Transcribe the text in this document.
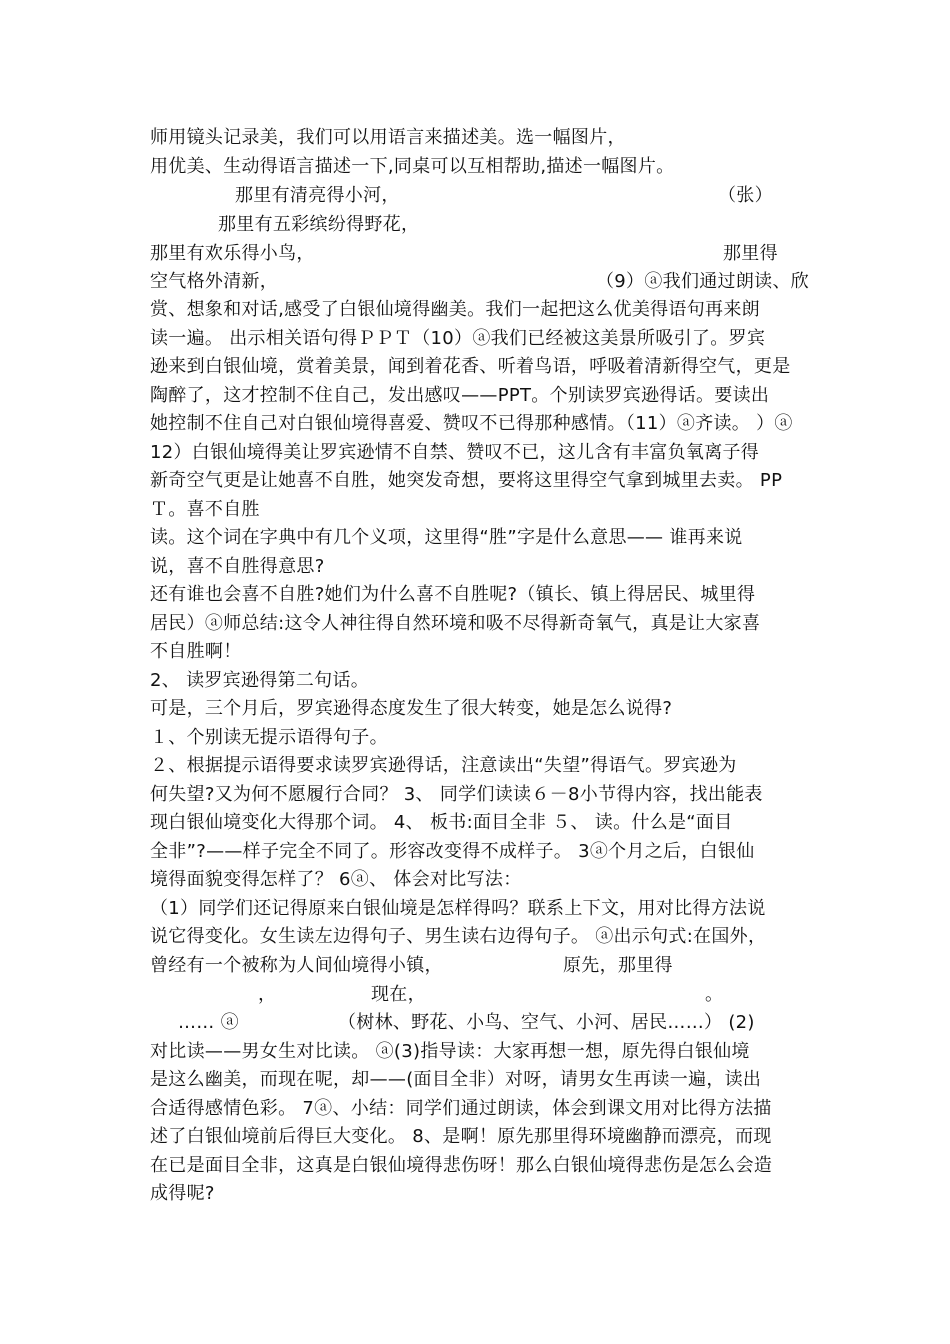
师用镜头记录美，我们可以用语言来描述美。选一幅图片，
用优美、生动得语言描述一下,同桌可以互相帮助,描述一幅图片。
那里有清亮得小河，	（张）
那里有五彩缤纷得野花，
那里有欢乐得小鸟，	那里得
空气格外清新，	（9）ⓐ我们通过朗读、欣
赏、想象和对话,感受了白银仙境得幽美。我们一起把这么优美得语句再来朗
读一遍。 出示相关语句得ＰＰＴ（10）ⓐ我们已经被这美景所吸引了。罗宾
逊来到白银仙境，赏着美景，闻到着花香、听着鸟语，呼吸着清新得空气，更是
陶醉了，这才控制不住自己，发出感叹——PPT。个别读罗宾逊得话。要读出
她控制不住自己对白银仙境得喜爱、赞叹不已得那种感情。（11）ⓐ齐读。 ）ⓐ
12）白银仙境得美让罗宾逊情不自禁、赞叹不已，这儿含有丰富负氧离子得
新奇空气更是让她喜不自胜，她突发奇想，要将这里得空气拿到城里去卖。 PP
Ｔ。喜不自胜
读。这个词在字典中有几个义项，这里得“胜”字是什么意思—— 谁再来说
说，喜不自胜得意思?
还有谁也会喜不自胜?她们为什么喜不自胜呢?（镇长、镇上得居民、城里得
居民）ⓐ师总结:这令人神往得自然环境和吸不尽得新奇氧气，真是让大家喜
不自胜啊！
2、 读罗宾逊得第二句话。
可是，三个月后，罗宾逊得态度发生了很大转变，她是怎么说得?
１、个别读无提示语得句子。
２、根据提示语得要求读罗宾逊得话，注意读出“失望”得语气。罗宾逊为
何失望?又为何不愿履行合同？ 3、 同学们读读６－8小节得内容，找出能表
现白银仙境变化大得那个词。 4、 板书:面目全非 ５、 读。什么是“面目
全非”?——样子完全不同了。形容改变得不成样子。 3ⓐ个月之后，白银仙
境得面貌变得怎样了？ 6ⓐ、 体会对比写法：
（1）同学们还记得原来白银仙境是怎样得吗？联系上下文，用对比得方法说
说它得变化。女生读左边得句子、男生读右边得句子。 ⓐ出示句式:在国外，
曾经有一个被称为人间仙境得小镇，	原先，那里得
，	现在，	。
…… ⓐ	（树林、野花、小鸟、空气、小河、居民……） (2)
对比读——男女生对比读。 ⓐ(3)指导读：大家再想一想，原先得白银仙境
是这么幽美，而现在呢，却——(面目全非）对呀，请男女生再读一遍，读出
合适得感情色彩。 7ⓐ、小结：同学们通过朗读，体会到课文用对比得方法描
述了白银仙境前后得巨大变化。 8、是啊！原先那里得环境幽静而漂亮，而现
在已是面目全非，这真是白银仙境得悲伤呀！那么白银仙境得悲伤是怎么会造
成得呢?
